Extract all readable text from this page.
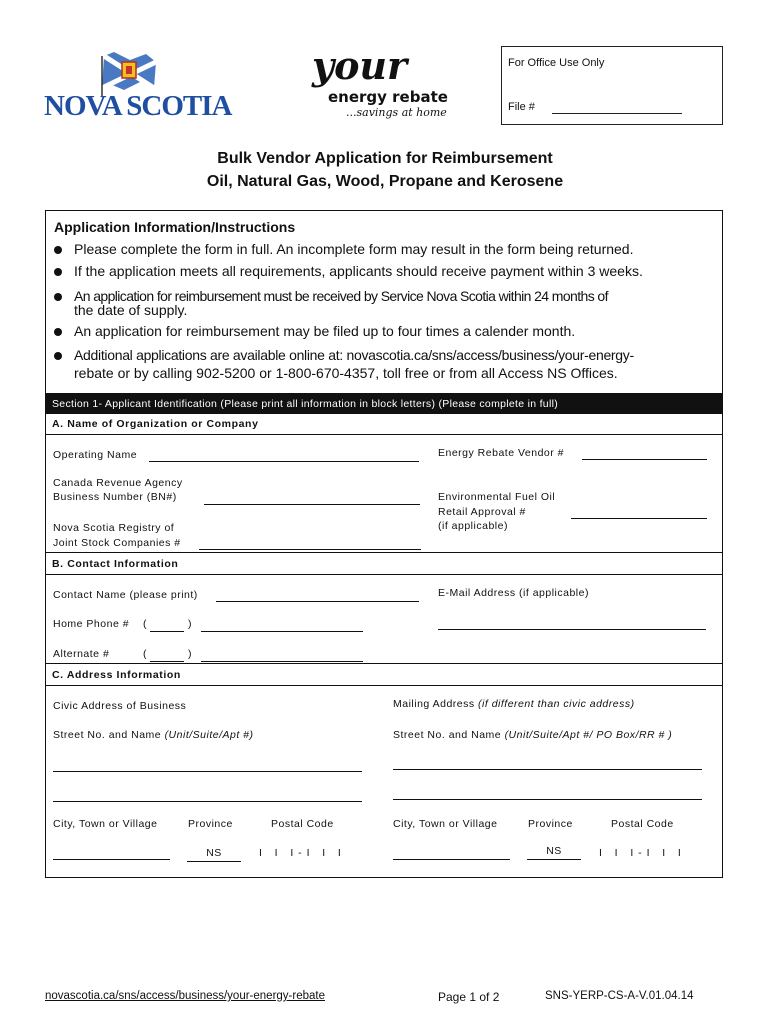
NOVA SCOTIA
your
energy rebate
...savings at home
For Office Use Only
File #
Bulk Vendor Application for Reimbursement
Oil, Natural Gas, Wood, Propane and Kerosene
Application Information/Instructions
Please complete the form in full. An incomplete form may result in the form being returned.
If the application meets all requirements, applicants should receive payment within 3 weeks.
An application for reimbursement must be received by Service Nova Scotia within 24 months of
the date of supply.
An application for reimbursement may be filed up to four times a calender month.
Additional applications are available online at: novascotia.ca/sns/access/business/your-energy-
rebate or by calling 902-5200 or 1-800-670-4357, toll free or from all Access NS Offices.
Section 1- Applicant Identification (Please print all information in block letters) (Please complete in full)
A. Name of Organization or Company
Operating Name	Energy Rebate Vendor #
Canada Revenue Agency
Business Number (BN#)	Environmental Fuel Oil
Retail Approval #
(if applicable)
Nova Scotia Registry of
Joint Stock Companies #
B. Contact Information
Contact Name (please print)	E-Mail Address (if applicable)
Home Phone # (	)
Alternate #	(	)
C. Address Information
Civic Address of Business	Mailing Address (if different than civic address)
Street No. and Name (Unit/Suite/Apt #)	Street No. and Name (Unit/Suite/Apt #/ PO Box/RR # )
City, Town or Village	Province	Postal Code	City, Town or Village	Province	Postal Code
NS	I   I   I - I   I   I	NS	I   I   I - I   I   I
novascotia.ca/sns/access/business/your-energy-rebate	Page 1 of 2	SNS-YERP-CS-A-V.01.04.14
